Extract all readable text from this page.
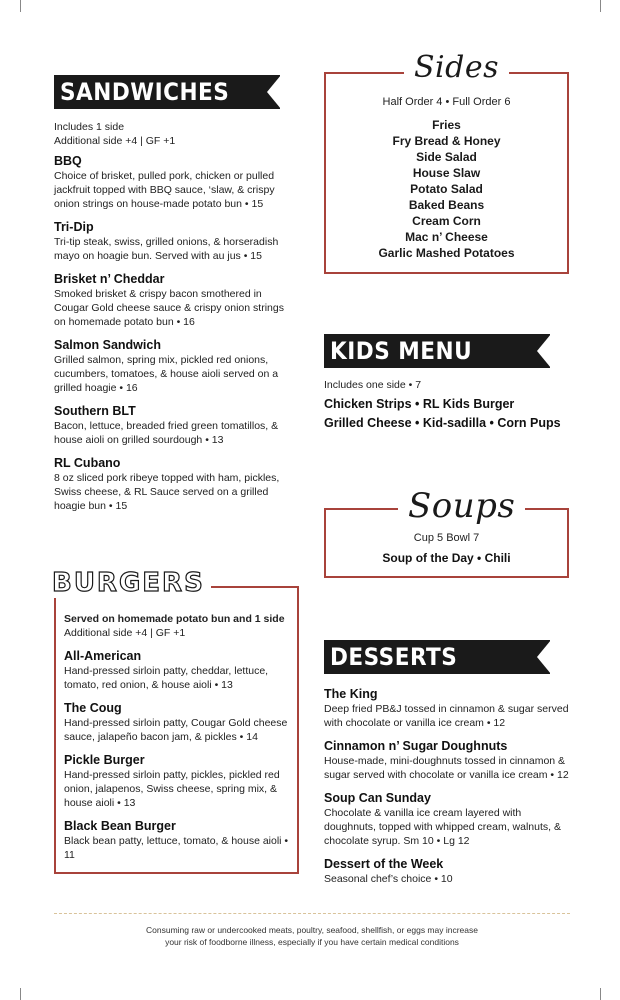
SANDWICHES
Includes 1 side
Additional side +4 | GF +1
BBQ
Choice of brisket, pulled pork, chicken or pulled jackfruit topped with BBQ sauce, ‘slaw, & crispy onion strings on house-made potato bun • 15
Tri-Dip
Tri-tip steak, swiss, grilled onions, & horseradish mayo on hoagie bun. Served with au jus • 15
Brisket n’ Cheddar
Smoked brisket & crispy bacon smothered in Cougar Gold cheese sauce & crispy onion strings on homemade potato bun • 16
Salmon Sandwich
Grilled salmon, spring mix, pickled red onions, cucumbers, tomatoes, & house aioli served on a grilled hoagie • 16
Southern BLT
Bacon, lettuce, breaded fried green tomatillos, & house aioli on grilled sourdough • 13
RL Cubano
8 oz sliced pork ribeye topped with ham, pickles, Swiss cheese, & RL Sauce served on a grilled hoagie bun • 15
Sides
Half Order 4 • Full Order 6
Fries
Fry Bread & Honey
Side Salad
House Slaw
Potato Salad
Baked Beans
Cream Corn
Mac n’ Cheese
Garlic Mashed Potatoes
KIDS MENU
Includes one side • 7
Chicken Strips • RL Kids Burger
Grilled Cheese • Kid-sadilla • Corn Pups
Soups
Cup 5 Bowl 7
Soup of the Day • Chili
BURGERS
Served on homemade potato bun and 1 side
Additional side +4 | GF +1
All-American
Hand-pressed sirloin patty, cheddar, lettuce, tomato, red onion, & house aioli • 13
The Coug
Hand-pressed sirloin patty, Cougar Gold cheese sauce, jalapeño bacon jam, & pickles • 14
Pickle Burger
Hand-pressed sirloin patty, pickles, pickled red onion, jalapenos, Swiss cheese, spring mix, & house aioli • 13
Black Bean Burger
Black bean patty, lettuce, tomato, & house aioli • 11
DESSERTS
The King
Deep fried PB&J tossed in cinnamon & sugar served with chocolate or vanilla ice cream • 12
Cinnamon n’ Sugar Doughnuts
House-made, mini-doughnuts tossed in cinnamon & sugar served with chocolate or vanilla ice cream • 12
Soup Can Sunday
Chocolate & vanilla ice cream layered with doughnuts, topped with whipped cream, walnuts, & chocolate syrup. Sm 10 • Lg 12
Dessert of the Week
Seasonal chef’s choice • 10
Consuming raw or undercooked meats, poultry, seafood, shellfish, or eggs may increase
your risk of foodborne illness, especially if you have certain medical conditions
